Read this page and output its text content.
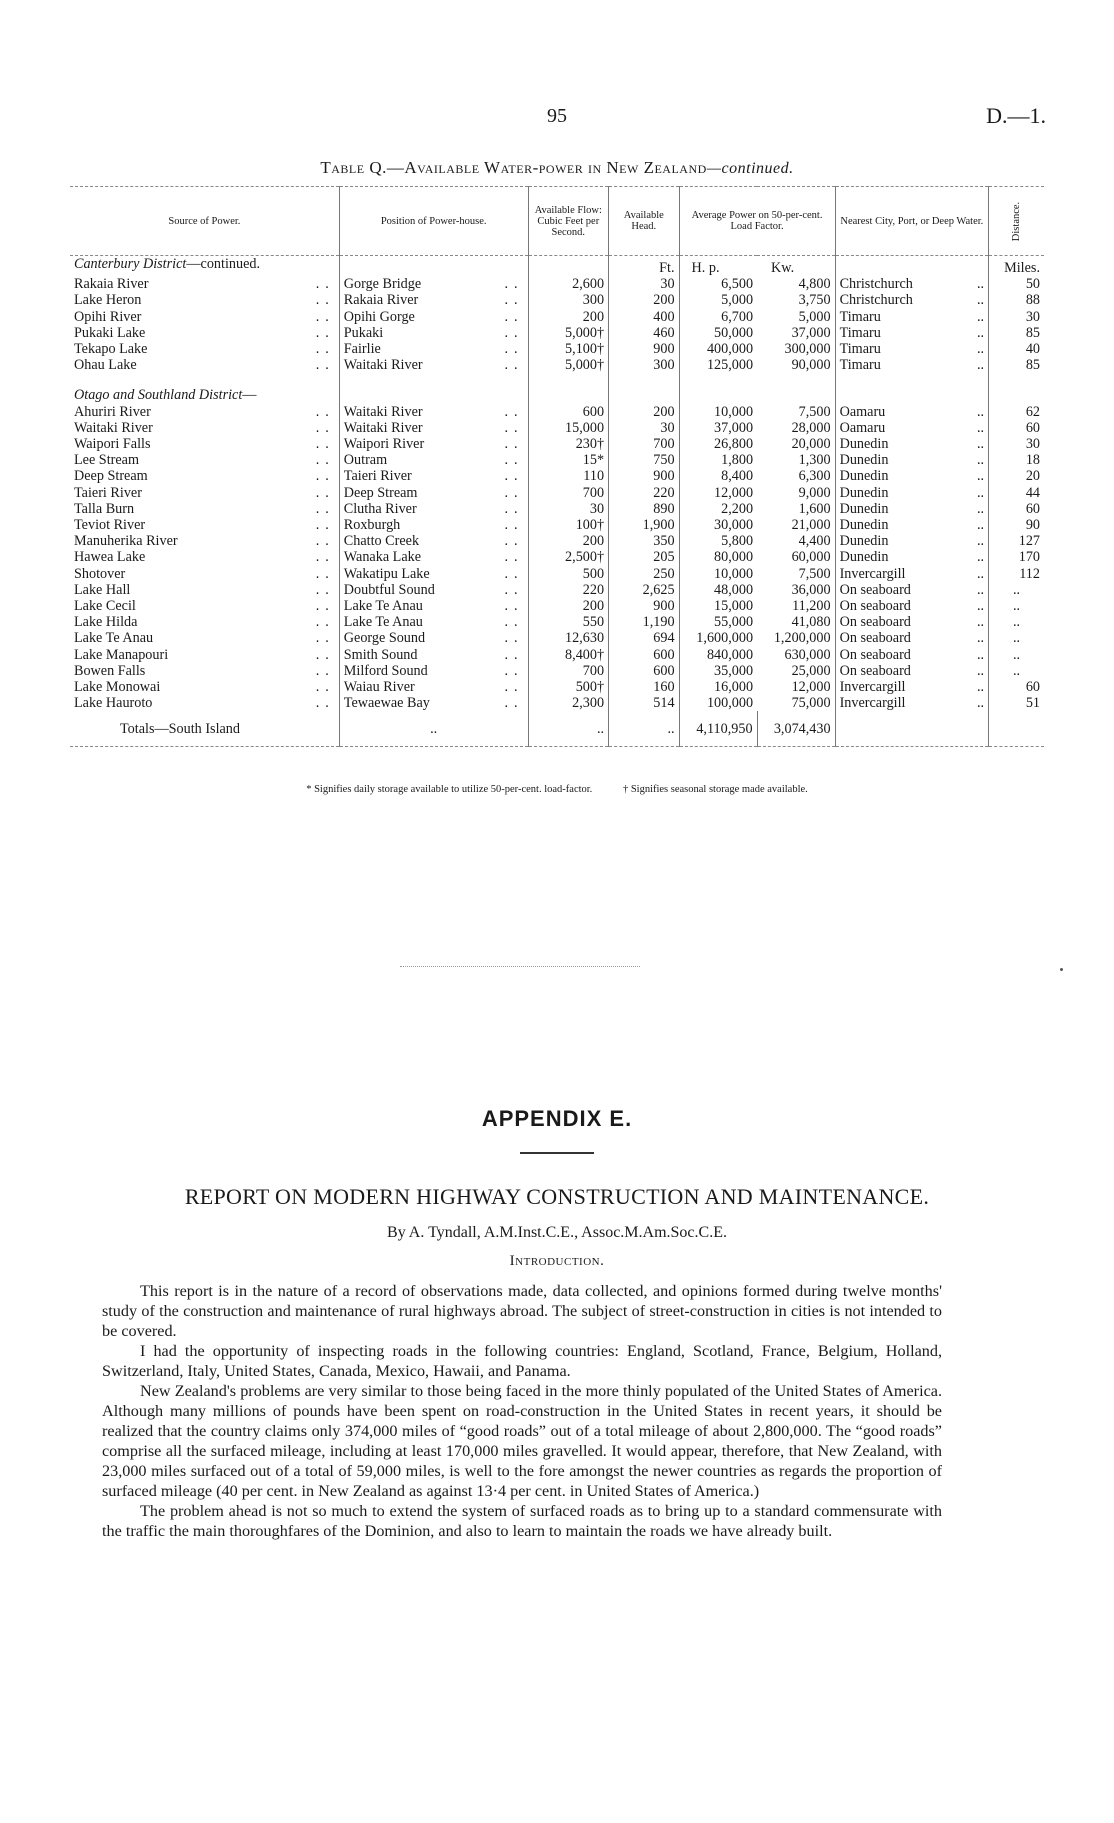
95	D.—1.
Table Q.—Available Water-power in New Zealand—continued.
Source of Power.	Position of Power-house.	Available Flow: Cubic Feet per Second.	Available Head.	Average Power on 50-per-cent. Load Factor.		Nearest City, Port, or Deep Water.	Distance.
Canterbury District—continued.			Ft.	H. p.	Kw.		Miles.
Rakaia River ..	Gorge Bridge ..	2,600	30	6,500	4,800	Christchurch ..	50
Lake Heron ..	Rakaia River ..	300	200	5,000	3,750	Christchurch ..	88
Opihi River ..	Opihi Gorge ..	200	400	6,700	5,000	Timaru ..	30
Pukaki Lake ..	Pukaki ..	5,000†	460	50,000	37,000	Timaru ..	85
Tekapo Lake ..	Fairlie ..	5,100†	900	400,000	300,000	Timaru ..	40
Ohau Lake ..	Waitaki River ..	5,000†	300	125,000	90,000	Timaru ..	85

Otago and Southland District—							
Ahuriri River ..	Waitaki River ..	600	200	10,000	7,500	Oamaru ..	62
Waitaki River ..	Waitaki River ..	15,000	30	37,000	28,000	Oamaru ..	60
Waipori Falls ..	Waipori River ..	230†	700	26,800	20,000	Dunedin ..	30
Lee Stream ..	Outram ..	15*	750	1,800	1,300	Dunedin ..	18
Deep Stream ..	Taieri River ..	110	900	8,400	6,300	Dunedin ..	20
Taieri River ..	Deep Stream ..	700	220	12,000	9,000	Dunedin ..	44
Talla Burn ..	Clutha River ..	30	890	2,200	1,600	Dunedin ..	60
Teviot River ..	Roxburgh ..	100†	1,900	30,000	21,000	Dunedin ..	90
Manuherika River ..	Chatto Creek ..	200	350	5,800	4,400	Dunedin ..	127
Hawea Lake ..	Wanaka Lake ..	2,500†	205	80,000	60,000	Dunedin ..	170
Shotover ..	Wakatipu Lake ..	500	250	10,000	7,500	Invercargill ..	112
Lake Hall ..	Doubtful Sound ..	220	2,625	48,000	36,000	On seaboard ..	..
Lake Cecil ..	Lake Te Anau ..	200	900	15,000	11,200	On seaboard ..	..
Lake Hilda ..	Lake Te Anau ..	550	1,190	55,000	41,080	On seaboard ..	..
Lake Te Anau ..	George Sound ..	12,630	694	1,600,000	1,200,000	On seaboard ..	..
Lake Manapouri ..	Smith Sound ..	8,400†	600	840,000	630,000	On seaboard ..	..
Bowen Falls ..	Milford Sound ..	700	600	35,000	25,000	On seaboard ..	..
Lake Monowai ..	Waiau River ..	500†	160	16,000	12,000	Invercargill ..	60
Lake Hauroto ..	Tewaewae Bay ..	2,300	514	100,000	75,000	Invercargill ..	51
Totals—South Island	..	..	..	4,110,950	3,074,430		

* Signifies daily storage available to utilize 50-per-cent. load-factor.	† Signifies seasonal storage made available.
APPENDIX E.
REPORT ON MODERN HIGHWAY CONSTRUCTION AND MAINTENANCE.
By A. Tyndall, A.M.Inst.C.E., Assoc.M.Am.Soc.C.E.
Introduction.

This report is in the nature of a record of observations made, data collected, and opinions formed during twelve months' study of the construction and maintenance of rural highways abroad. The subject of street-construction in cities is not intended to be covered.

I had the opportunity of inspecting roads in the following countries: England, Scotland, France, Belgium, Holland, Switzerland, Italy, United States, Canada, Mexico, Hawaii, and Panama.

New Zealand's problems are very similar to those being faced in the more thinly populated of the United States of America. Although many millions of pounds have been spent on road-construction in the United States in recent years, it should be realized that the country claims only 374,000 miles of “good roads” out of a total mileage of about 2,800,000. The “good roads” comprise all the surfaced mileage, including at least 170,000 miles gravelled. It would appear, therefore, that New Zealand, with 23,000 miles surfaced out of a total of 59,000 miles, is well to the fore amongst the newer countries as regards the proportion of surfaced mileage (40 per cent. in New Zealand as against 13·4 per cent. in United States of America.)

The problem ahead is not so much to extend the system of surfaced roads as to bring up to a standard commensurate with the traffic the main thoroughfares of the Dominion, and also to learn to maintain the roads we have already built.
